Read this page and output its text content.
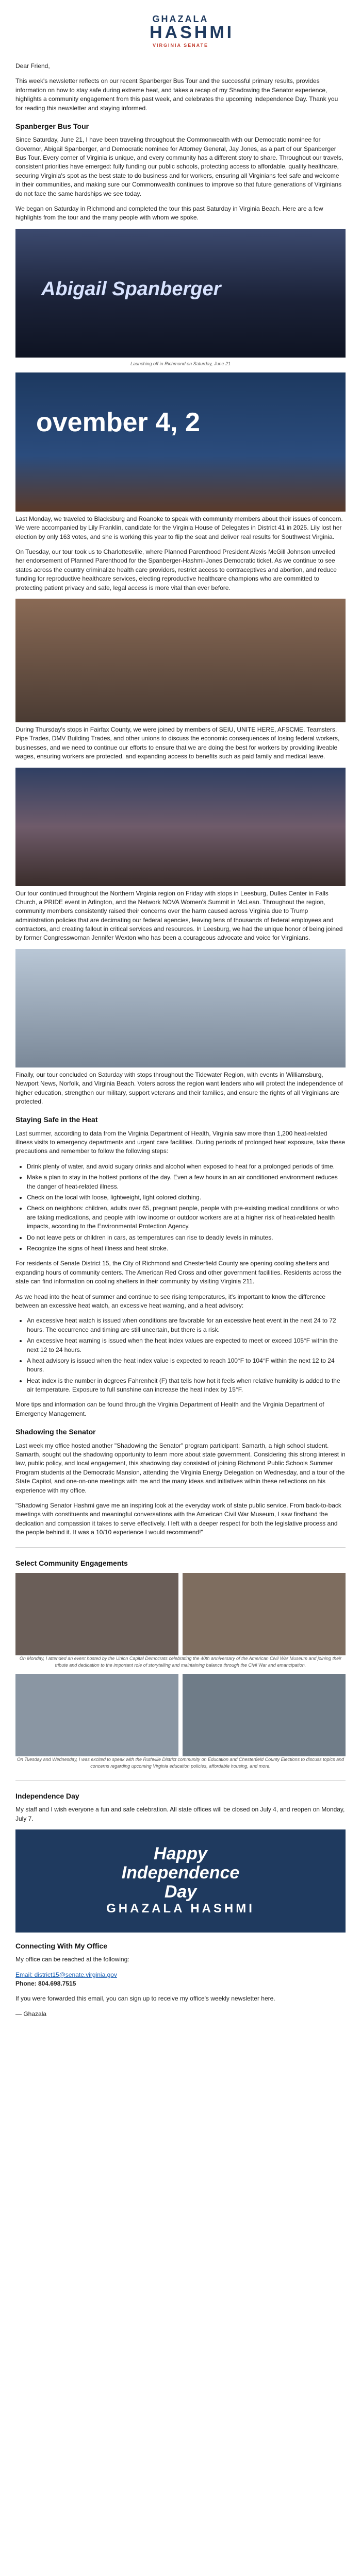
GHAZALA
HASHMI
VIRGINIA SENATE

Dear Friend,

This week's newsletter reflects on our recent Spanberger Bus Tour and the successful primary results, provides information on how to stay safe during extreme heat, and takes a recap of my Shadowing the Senator experience, highlights a community engagement from this past week, and celebrates the upcoming Independence Day. Thank you for reading this newsletter and staying informed.

Spanberger Bus Tour

Since Saturday, June 21, I have been traveling throughout the Commonwealth with our Democratic nominee for Governor, Abigail Spanberger, and Democratic nominee for Attorney General, Jay Jones, as a part of our Spanberger Bus Tour. Every corner of Virginia is unique, and every community has a different story to share. Throughout our travels, consistent priorities have emerged: fully funding our public schools, protecting access to affordable, quality healthcare, securing Virginia's spot as the best state to do business and for workers, ensuring all Virginians feel safe and welcome in their communities, and making sure our Commonwealth continues to improve so that future generations of Virginians do not face the same hardships we see today.

We began on Saturday in Richmond and completed the tour this past Saturday in Virginia Beach. Here are a few highlights from the tour and the many people with whom we spoke.

Abigail Spanberger
Launching off in Richmond on Saturday, June 21
ovember 4, 2

Last Monday, we traveled to Blacksburg and Roanoke to speak with community members about their issues of concern. We were accompanied by Lily Franklin, candidate for the Virginia House of Delegates in District 41 in 2025. Lily lost her election by only 163 votes, and she is working this year to flip the seat and deliver real results for Southwest Virginia.

On Tuesday, our tour took us to Charlottesville, where Planned Parenthood President Alexis McGill Johnson unveiled her endorsement of Planned Parenthood for the Spanberger-Hashmi-Jones Democratic ticket. As we continue to see states across the country criminalize health care providers, restrict access to contraceptives and abortion, and reduce funding for reproductive healthcare services, electing reproductive healthcare champions who are committed to protecting patient privacy and safe, legal access is more vital than ever before.

During Thursday's stops in Fairfax County, we were joined by members of SEIU, UNITE HERE, AFSCME, Teamsters, Pipe Trades, DMV Building Trades, and other unions to discuss the economic consequences of losing federal workers, businesses, and we need to continue our efforts to ensure that we are doing the best for workers by providing liveable wages, ensuring workers are protected, and expanding access to benefits such as paid family and medical leave.

Our tour continued throughout the Northern Virginia region on Friday with stops in Leesburg, Dulles Center in Falls Church, a PRIDE event in Arlington, and the Network NOVA Women's Summit in McLean. Throughout the region, community members consistently raised their concerns over the harm caused across Virginia due to Trump administration policies that are decimating our federal agencies, leaving tens of thousands of federal employees and contractors, and creating fallout in critical services and resources. In Leesburg, we had the unique honor of being joined by former Congresswoman Jennifer Wexton who has been a courageous advocate and voice for Virginians.

Finally, our tour concluded on Saturday with stops throughout the Tidewater Region, with events in Williamsburg, Newport News, Norfolk, and Virginia Beach. Voters across the region want leaders who will protect the independence of higher education, strengthen our military, support veterans and their families, and ensure the rights of all Virginians are protected.

Staying Safe in the Heat

Last summer, according to data from the Virginia Department of Health, Virginia saw more than 1,200 heat-related illness visits to emergency departments and urgent care facilities. During periods of prolonged heat exposure, take these precautions and remember to follow the following steps:

• Drink plenty of water, and avoid sugary drinks and alcohol when exposed to heat for a prolonged periods of time.
• Make a plan to stay in the hottest portions of the day. Even a few hours in an air conditioned environment reduces the danger of heat-related illness.
• Check on the local with loose, lightweight, light colored clothing.
• Check on neighbors: children, adults over 65, pregnant people, people with pre-existing medical conditions or who are taking medications, and people with low income or outdoor workers are at a higher risk of heat-related health impacts, according to the Environmental Protection Agency.
• Do not leave pets or children in cars, as temperatures can rise to deadly levels in minutes.
• Recognize the signs of heat illness and heat stroke.

For residents of Senate District 15, the City of Richmond and Chesterfield County are opening cooling shelters and expanding hours of community centers. The American Red Cross and other government facilities. Residents across the state can find information on cooling shelters in their community by visiting Virginia 211.

As we head into the heat of summer and continue to see rising temperatures, it's important to know the difference between an excessive heat watch, an excessive heat warning, and a heat advisory:

• An excessive heat watch is issued when conditions are favorable for an excessive heat event in the next 24 to 72 hours. The occurrence and timing are still uncertain, but there is a risk.
• An excessive heat warning is issued when the heat index values are expected to meet or exceed 105°F within the next 12 to 24 hours.
• A heat advisory is issued when the heat index value is expected to reach 100°F to 104°F within the next 12 to 24 hours.
• Heat index is the number in degrees Fahrenheit (F) that tells how hot it feels when relative humidity is added to the air temperature. Exposure to full sunshine can increase the heat index by 15°F.

More tips and information can be found through the Virginia Department of Health and the Virginia Department of Emergency Management.

Shadowing the Senator

Last week my office hosted another "Shadowing the Senator" program participant: Samarth, a high school student. Samarth, sought out the shadowing opportunity to learn more about state government. Considering this strong interest in law, public policy, and local engagement, this shadowing day consisted of joining Richmond Public Schools Summer Program students at the Democratic Mansion, attending the Virginia Energy Delegation on Wednesday, and a tour of the State Capitol, and one-on-one meetings with me and the many ideas and initiatives within these reflections on his experience with my office.

"Shadowing Senator Hashmi gave me an inspiring look at the everyday work of state public service. From back-to-back meetings with constituents and meaningful conversations with the American Civil War Museum, I saw firsthand the dedication and compassion it takes to serve effectively. I left with a deeper respect for both the legislative process and the people behind it. It was a 10/10 experience I would recommend!"

Select Community Engagements
On Monday, I attended an event hosted by the Union Capital Democrats celebrating the 40th anniversary of the American Civil War Museum and joining their tribute and dedication to the important role of storytelling and maintaining balance through the Civil War and emancipation.
On Tuesday and Wednesday, I was excited to speak with the Ruthville District community on Education and Chesterfield County Elections to discuss topics and concerns regarding upcoming Virginia education policies, affordable housing, and more.
Independence Day

My staff and I wish everyone a fun and safe celebration. All state offices will be closed on July 4, and reopen on Monday, July 7.

Happy
Independence
Day
GHAZALA HASHMI
Connecting With My Office

My office can be reached at the following:

Email: district15@senate.virginia.gov
Phone: 804.698.7515

If you were forwarded this email, you can sign up to receive my office's weekly newsletter here.

— Ghazala
